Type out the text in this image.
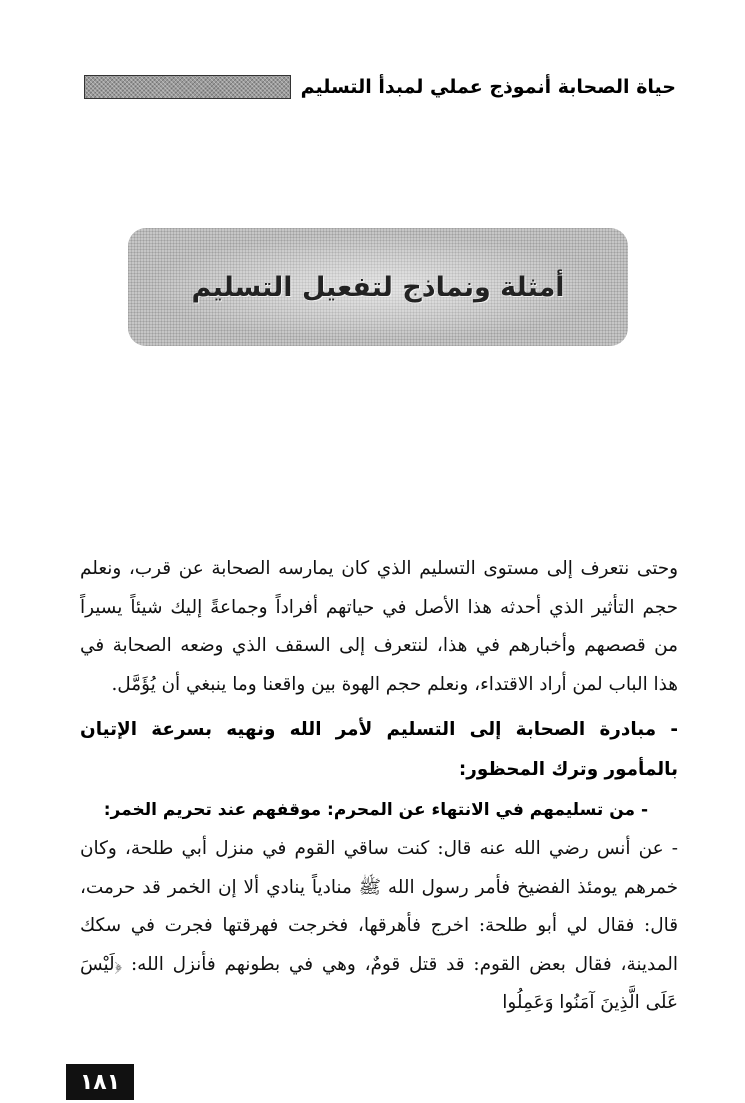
حياة الصحابة أنموذج عملي لمبدأ التسليم
أمثلة ونماذج لتفعيل التسليم

وحتى نتعرف إلى مستوى التسليم الذي كان يمارسه الصحابة عن قرب، ونعلم حجم التأثير الذي أحدثه هذا الأصل في حياتهم أفراداً وجماعةً إليك شيئاً يسيراً من قصصهم وأخبارهم في هذا، لنتعرف إلى السقف الذي وضعه الصحابة في هذا الباب لمن أراد الاقتداء، ونعلم حجم الهوة بين واقعنا وما ينبغي أن يُؤَمَّل.

- مبادرة الصحابة إلى التسليم لأمر الله ونهيه بسرعة الإتيان بالمأمور وترك المحظور:

- من تسليمهم في الانتهاء عن المحرم: موقفهم عند تحريم الخمر:

- عن أنس رضي الله عنه قال: كنت ساقي القوم في منزل أبي طلحة، وكان خمرهم يومئذ الفضيخ فأمر رسول الله ﷺ منادياً ينادي ألا إن الخمر قد حرمت، قال: فقال لي أبو طلحة: اخرج فأهرقها، فخرجت فهرقتها فجرت في سكك المدينة، فقال بعض القوم: قد قتل قومٌ، وهي في بطونهم فأنزل الله: ﴿لَيْسَ عَلَى الَّذِينَ آمَنُوا وَعَمِلُوا

١٨١
